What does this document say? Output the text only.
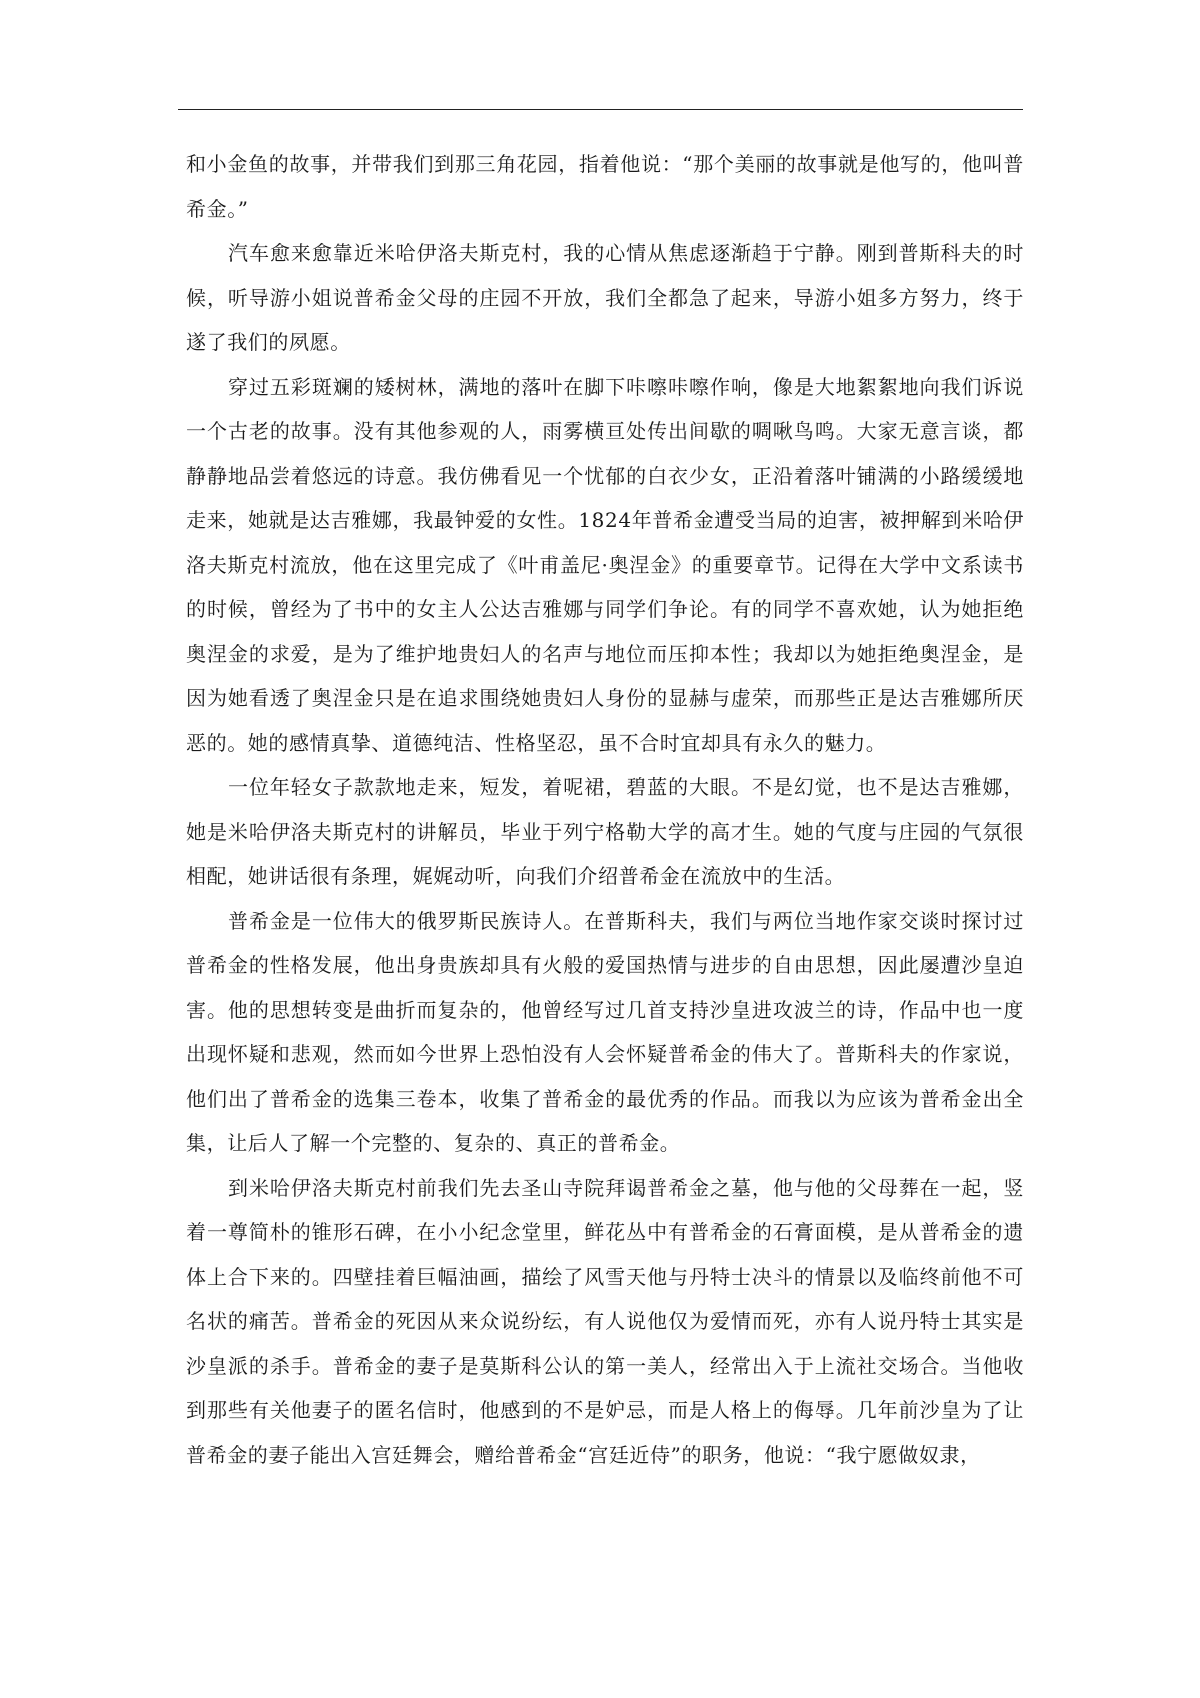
和小金鱼的故事，并带我们到那三角花园，指着他说：“那个美丽的故事就是他写的，他叫普希金。”

汽车愈来愈靠近米哈伊洛夫斯克村，我的心情从焦虑逐渐趋于宁静。刚到普斯科夫的时候，听导游小姐说普希金父母的庄园不开放，我们全都急了起来，导游小姐多方努力，终于遂了我们的夙愿。

穿过五彩斑斓的矮树林，满地的落叶在脚下咔嚓咔嚓作响，像是大地絮絮地向我们诉说一个古老的故事。没有其他参观的人，雨雾横亘处传出间歇的啁啾鸟鸣。大家无意言谈，都静静地品尝着悠远的诗意。我仿佛看见一个忧郁的白衣少女，正沿着落叶铺满的小路缓缓地走来，她就是达吉雅娜，我最钟爱的女性。1824年普希金遭受当局的迫害，被押解到米哈伊洛夫斯克村流放，他在这里完成了《叶甫盖尼·奥涅金》的重要章节。记得在大学中文系读书的时候，曾经为了书中的女主人公达吉雅娜与同学们争论。有的同学不喜欢她，认为她拒绝奥涅金的求爱，是为了维护地贵妇人的名声与地位而压抑本性；我却以为她拒绝奥涅金，是因为她看透了奥涅金只是在追求围绕她贵妇人身份的显赫与虚荣，而那些正是达吉雅娜所厌恶的。她的感情真挚、道德纯洁、性格坚忍，虽不合时宜却具有永久的魅力。

一位年轻女子款款地走来，短发，着呢裙，碧蓝的大眼。不是幻觉，也不是达吉雅娜，她是米哈伊洛夫斯克村的讲解员，毕业于列宁格勒大学的高才生。她的气度与庄园的气氛很相配，她讲话很有条理，娓娓动听，向我们介绍普希金在流放中的生活。

普希金是一位伟大的俄罗斯民族诗人。在普斯科夫，我们与两位当地作家交谈时探讨过普希金的性格发展，他出身贵族却具有火般的爱国热情与进步的自由思想，因此屡遭沙皇迫害。他的思想转变是曲折而复杂的，他曾经写过几首支持沙皇进攻波兰的诗，作品中也一度出现怀疑和悲观，然而如今世界上恐怕没有人会怀疑普希金的伟大了。普斯科夫的作家说，他们出了普希金的选集三卷本，收集了普希金的最优秀的作品。而我以为应该为普希金出全集，让后人了解一个完整的、复杂的、真正的普希金。

到米哈伊洛夫斯克村前我们先去圣山寺院拜谒普希金之墓，他与他的父母葬在一起，竖着一尊简朴的锥形石碑，在小小纪念堂里，鲜花丛中有普希金的石膏面模，是从普希金的遗体上合下来的。四壁挂着巨幅油画，描绘了风雪天他与丹特士决斗的情景以及临终前他不可名状的痛苦。普希金的死因从来众说纷纭，有人说他仅为爱情而死，亦有人说丹特士其实是沙皇派的杀手。普希金的妻子是莫斯科公认的第一美人，经常出入于上流社交场合。当他收到那些有关他妻子的匿名信时，他感到的不是妒忌，而是人格上的侮辱。几年前沙皇为了让普希金的妻子能出入宫廷舞会，赠给普希金“宫廷近侍”的职务，他说：“我宁愿做奴隶，
